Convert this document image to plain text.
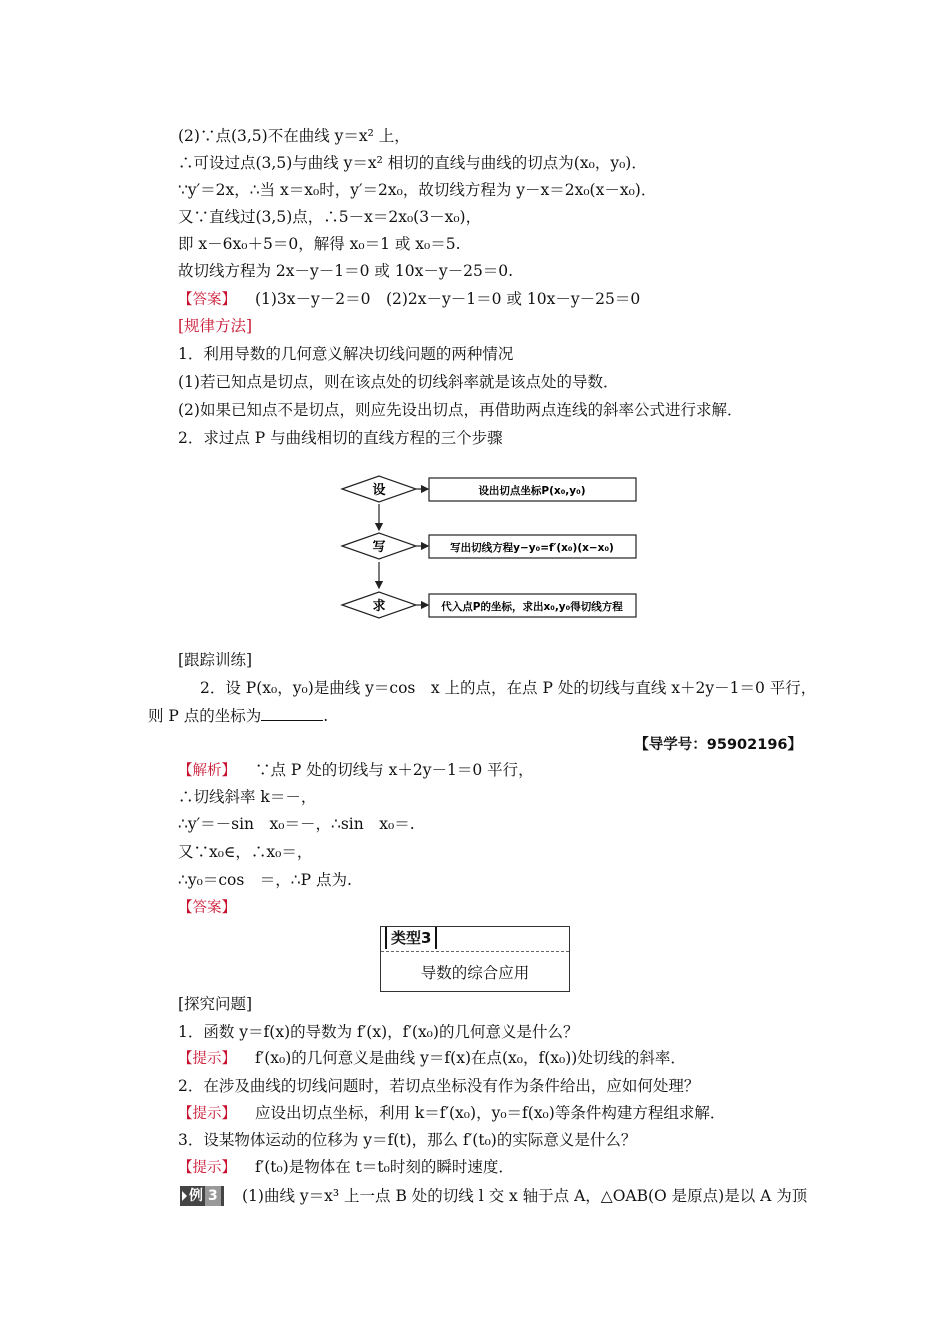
(2)∵点(3,5)不在曲线 y＝x² 上，
∴可设过点(3,5)与曲线 y＝x² 相切的直线与曲线的切点为(x₀，y₀)．
∵y′＝2x，∴当 x＝x₀时，y′＝2x₀，故切线方程为 y－x＝2x₀(x－x₀)．
又∵直线过(3,5)点，∴5－x＝2x₀(3－x₀)，
即 x－6x₀＋5＝0，解得 x₀＝1 或 x₀＝5.
故切线方程为 2x－y－1＝0 或 10x－y－25＝0.
【答案】 (1)3x－y－2＝0　(2)2x－y－1＝0 或 10x－y－25＝0
[规律方法]
1．利用导数的几何意义解决切线问题的两种情况
(1)若已知点是切点，则在该点处的切线斜率就是该点处的导数．
(2)如果已知点不是切点，则应先设出切点，再借助两点连线的斜率公式进行求解．
2．求过点 P 与曲线相切的直线方程的三个步骤
设	设出切点坐标P(x₀,y₀)
写	写出切线方程y−y₀=f′(x₀)(x−x₀)
求	代入点P的坐标，求出x₀,y₀得切线方程
[跟踪训练]
2．设 P(x₀，y₀)是曲线 y＝cos　x 上的点，在点 P 处的切线与直线 x＋2y－1＝0 平行，
则 P 点的坐标为	.
【导学号：95902196】
【解析】 ∵点 P 处的切线与 x＋2y－1＝0 平行，
∴切线斜率 k＝－，
∴y′＝－sin　x₀＝－，∴sin　x₀＝.
又∵x₀∈，∴x₀＝，
∴y₀＝cos　＝，∴P 点为.
【答案】
类型3
导数的综合应用
[探究问题]
1．函数 y＝f(x)的导数为 f′(x)，f′(x₀)的几何意义是什么？
【提示】 f′(x₀)的几何意义是曲线 y＝f(x)在点(x₀，f(x₀))处切线的斜率．
2．在涉及曲线的切线问题时，若切点坐标没有作为条件给出，应如何处理？
【提示】 应设出切点坐标，利用 k＝f′(x₀)，y₀＝f(x₀)等条件构建方程组求解．
3．设某物体运动的位移为 y＝f(t)，那么 f′(t₀)的实际意义是什么？
【提示】 f′(t₀)是物体在 t＝t₀时刻的瞬时速度．
例 3	(1)曲线 y＝x³ 上一点 B 处的切线 l 交 x 轴于点 A，△OAB(O 是原点)是以 A 为顶
